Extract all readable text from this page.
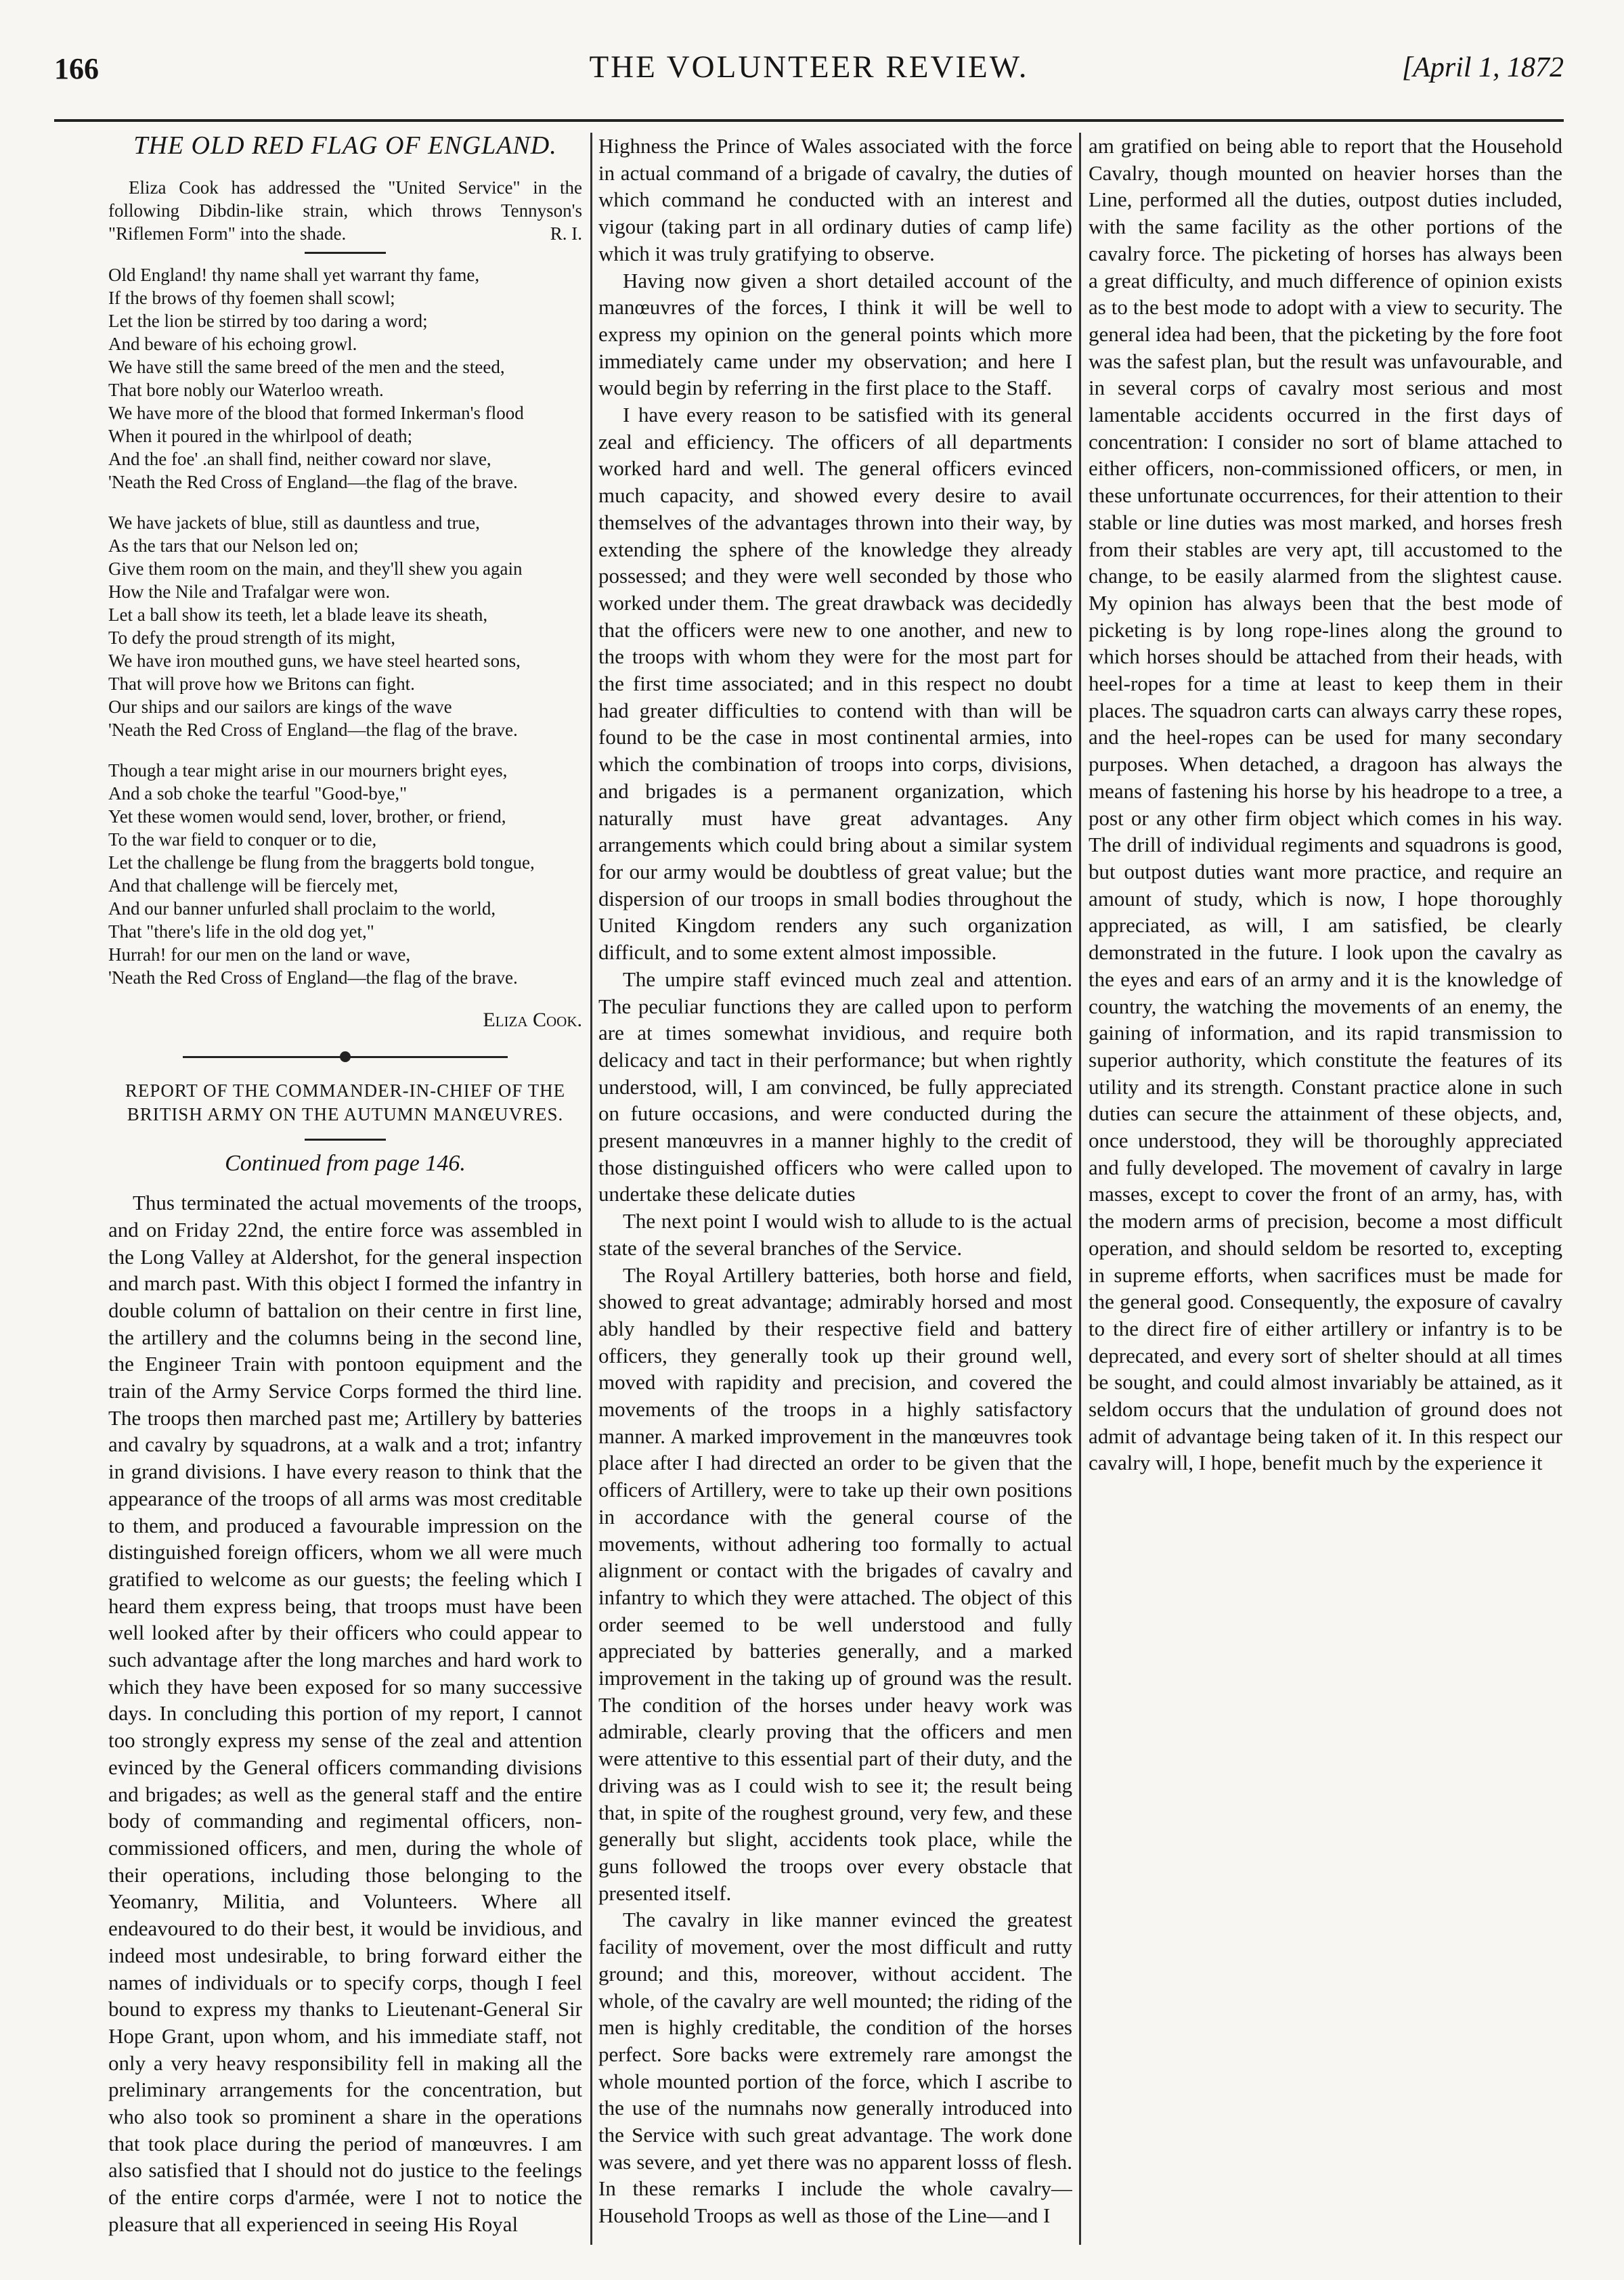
166	THE VOLUNTEER REVIEW.	[April 1, 1872
THE OLD RED FLAG OF ENGLAND.
Eliza Cook has addressed the "United Service" in the following Dibdin-like strain, which throws Tennyson's "Riflemen Form" into the shade.	R. I.
Old England! thy name shall yet warrant thy fame,
If the brows of thy foemen shall scowl;
Let the lion be stirred by too daring a word;
And beware of his echoing growl.
We have still the same breed of the men and the steed,
That bore nobly our Waterloo wreath.
We have more of the blood that formed Inkerman's flood
When it poured in the whirlpool of death;
And the foe' .an shall find, neither coward nor slave,
'Neath the Red Cross of England—the flag of the brave.
We have jackets of blue, still as dauntless and true,
As the tars that our Nelson led on;
Give them room on the main, and they'll shew you again
How the Nile and Trafalgar were won.
Let a ball show its teeth, let a blade leave its sheath,
To defy the proud strength of its might,
We have iron mouthed guns, we have steel hearted sons,
That will prove how we Britons can fight.
Our ships and our sailors are kings of the wave
'Neath the Red Cross of England—the flag of the brave.
Though a tear might arise in our mourners bright eyes,
And a sob choke the tearful "Good-bye,"
Yet these women would send, lover, brother, or friend,
To the war field to conquer or to die,
Let the challenge be flung from the braggerts bold tongue,
And that challenge will be fiercely met,
And our banner unfurled shall proclaim to the world,
That "there's life in the old dog yet,"
Hurrah! for our men on the land or wave,
'Neath the Red Cross of England—the flag of the brave.
Eliza Cook.
REPORT OF THE COMMANDER-IN-CHIEF OF THE BRITISH ARMY ON THE AUTUMN MANŒUVRES.
Continued from page 146.

Thus terminated the actual movements of the troops, and on Friday 22nd, the entire force was assembled in the Long Valley at Aldershot, for the general inspection and march past. With this object I formed the infantry in double column of battalion on their centre in first line, the artillery and the columns being in the second line, the Engineer Train with pontoon equipment and the train of the Army Service Corps formed the third line. The troops then marched past me; Artillery by batteries and cavalry by squadrons, at a walk and a trot; infantry in grand divisions. I have every reason to think that the appearance of the troops of all arms was most creditable to them, and produced a favourable impression on the distinguished foreign officers, whom we all were much gratified to welcome as our guests; the feeling which I heard them express being, that troops must have been well looked after by their officers who could appear to such advantage after the long marches and hard work to which they have been exposed for so many successive days. In concluding this portion of my report, I cannot too strongly express my sense of the zeal and attention evinced by the General officers commanding divisions and brigades; as well as the general staff and the entire body of commanding and regimental officers, non-commissioned officers, and men, during the whole of their operations, including those belonging to the Yeomanry, Militia, and Volunteers. Where all endeavoured to do their best, it would be invidious, and indeed most undesirable, to bring forward either the names of individuals or to specify corps, though I feel bound to express my thanks to Lieutenant-General Sir Hope Grant, upon whom, and his immediate staff, not only a very heavy responsibility fell in making all the preliminary arrangements for the concentration, but who also took so prominent a share in the operations that took place during the period of manœuvres. I am also satisfied that I should not do justice to the feelings of the entire corps d'armée, were I not to notice the pleasure that all experienced in seeing His Royal

Highness the Prince of Wales associated with the force in actual command of a brigade of cavalry, the duties of which command he conducted with an interest and vigour (taking part in all ordinary duties of camp life) which it was truly gratifying to observe.

Having now given a short detailed account of the manœuvres of the forces, I think it will be well to express my opinion on the general points which more immediately came under my observation; and here I would begin by referring in the first place to the Staff.

I have every reason to be satisfied with its general zeal and efficiency. The officers of all departments worked hard and well. The general officers evinced much capacity, and showed every desire to avail themselves of the advantages thrown into their way, by extending the sphere of the knowledge they already possessed; and they were well seconded by those who worked under them. The great drawback was decidedly that the officers were new to one another, and new to the troops with whom they were for the most part for the first time associated; and in this respect no doubt had greater difficulties to contend with than will be found to be the case in most continental armies, into which the combination of troops into corps, divisions, and brigades is a permanent organization, which naturally must have great advantages. Any arrangements which could bring about a similar system for our army would be doubtless of great value; but the dispersion of our troops in small bodies throughout the United Kingdom renders any such organization difficult, and to some extent almost impossible.

The umpire staff evinced much zeal and attention. The peculiar functions they are called upon to perform are at times somewhat invidious, and require both delicacy and tact in their performance; but when rightly understood, will, I am convinced, be fully appreciated on future occasions, and were conducted during the present manœuvres in a manner highly to the credit of those distinguished officers who were called upon to undertake these delicate duties

The next point I would wish to allude to is the actual state of the several branches of the Service.

The Royal Artillery batteries, both horse and field, showed to great advantage; admirably horsed and most ably handled by their respective field and battery officers, they generally took up their ground well, moved with rapidity and precision, and covered the movements of the troops in a highly satisfactory manner. A marked improvement in the manœuvres took place after I had directed an order to be given that the officers of Artillery, were to take up their own positions in accordance with the general course of the movements, without adhering too formally to actual alignment or contact with the brigades of cavalry and infantry to which they were attached. The object of this order seemed to be well understood and fully appreciated by batteries generally, and a marked improvement in the taking up of ground was the result. The condition of the horses under heavy work was admirable, clearly proving that the officers and men were attentive to this essential part of their duty, and the driving was as I could wish to see it; the result being that, in spite of the roughest ground, very few, and these generally but slight, accidents took place, while the guns followed the troops over every obstacle that presented itself.

The cavalry in like manner evinced the greatest facility of movement, over the most difficult and rutty ground; and this, moreover, without accident. The whole, of the cavalry are well mounted; the riding of the men is highly creditable, the condition of the horses perfect. Sore backs were extremely rare amongst the whole mounted portion of the force, which I ascribe to the use of the numnahs now generally introduced into the Service with such great advantage. The work done was severe, and yet there was no apparent losss of flesh. In these remarks I include the whole cavalry—Household Troops as well as those of the Line—and I

am gratified on being able to report that the Household Cavalry, though mounted on heavier horses than the Line, performed all the duties, outpost duties included, with the same facility as the other portions of the cavalry force. The picketing of horses has always been a great difficulty, and much difference of opinion exists as to the best mode to adopt with a view to security. The general idea had been, that the picketing by the fore foot was the safest plan, but the result was unfavourable, and in several corps of cavalry most serious and most lamentable accidents occurred in the first days of concentration: I consider no sort of blame attached to either officers, non-commissioned officers, or men, in these unfortunate occurrences, for their attention to their stable or line duties was most marked, and horses fresh from their stables are very apt, till accustomed to the change, to be easily alarmed from the slightest cause. My opinion has always been that the best mode of picketing is by long rope-lines along the ground to which horses should be attached from their heads, with heel-ropes for a time at least to keep them in their places. The squadron carts can always carry these ropes, and the heel-ropes can be used for many secondary purposes. When detached, a dragoon has always the means of fastening his horse by his headrope to a tree, a post or any other firm object which comes in his way. The drill of individual regiments and squadrons is good, but outpost duties want more practice, and require an amount of study, which is now, I hope thoroughly appreciated, as will, I am satisfied, be clearly demonstrated in the future. I look upon the cavalry as the eyes and ears of an army and it is the knowledge of country, the watching the movements of an enemy, the gaining of information, and its rapid transmission to superior authority, which constitute the features of its utility and its strength. Constant practice alone in such duties can secure the attainment of these objects, and, once understood, they will be thoroughly appreciated and fully developed. The movement of cavalry in large masses, except to cover the front of an army, has, with the modern arms of precision, become a most difficult operation, and should seldom be resorted to, excepting in supreme efforts, when sacrifices must be made for the general good. Consequently, the exposure of cavalry to the direct fire of either artillery or infantry is to be deprecated, and every sort of shelter should at all times be sought, and could almost invariably be attained, as it seldom occurs that the undulation of ground does not admit of advantage being taken of it. In this respect our cavalry will, I hope, benefit much by the experience it
